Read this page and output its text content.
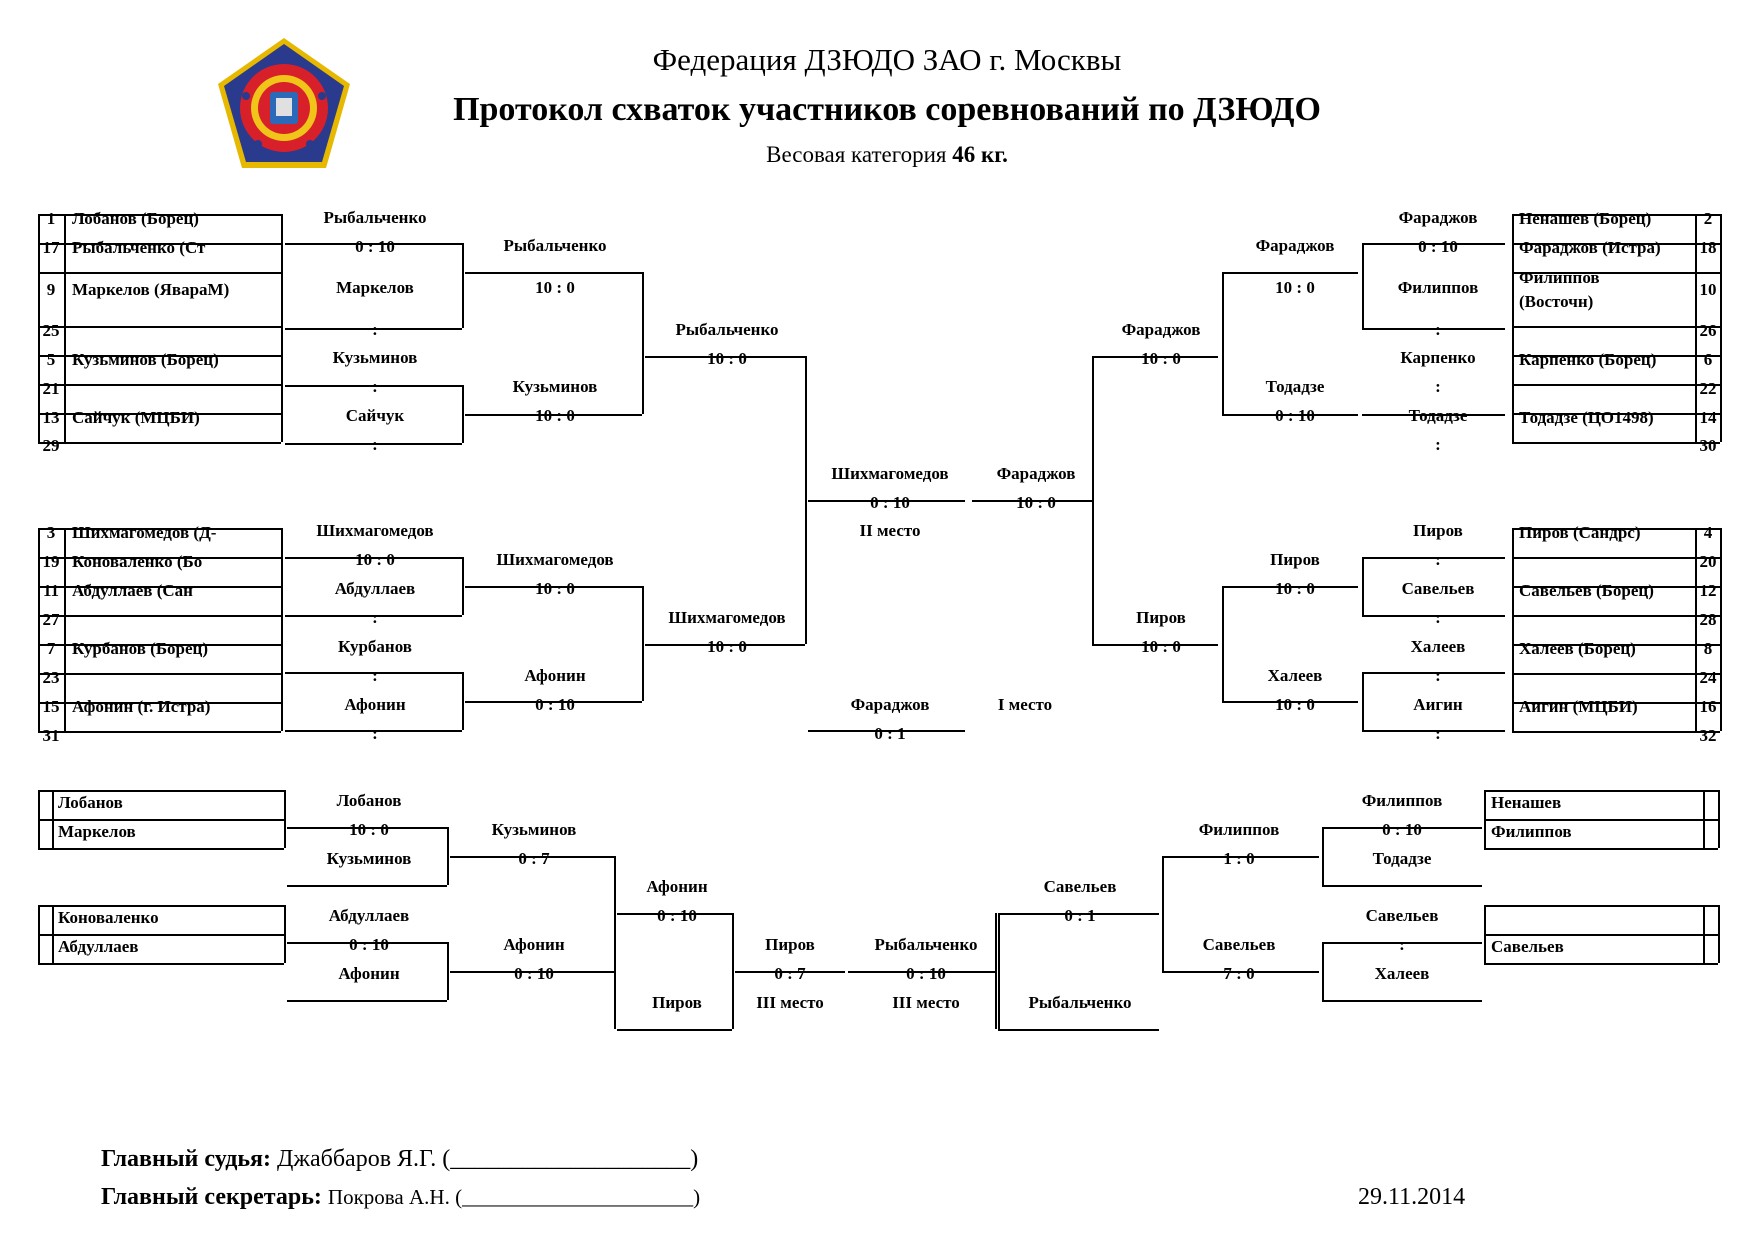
Федерация ДЗЮДО ЗАО г. Москвы
Протокол схваток участников соревнований по ДЗЮДО
Весовая категория 46 кг.
1 Лобанов (Борец)
17 Рыбальченко (Ст
9 Маркелов (ЯвараМ)
25
5 Кузьминов (Борец)
21
13 Сайчук (МЦБИ)
29
3 Шихмагомедов (Д-
19 Коноваленко (Бо
11 Абдуллаев (Сан
27
7 Курбанов (Борец)
23
15 Афонин (г. Истра)
31
Рыбальченко
0 : 10
Маркелов
:
Кузьминов
:
Сайчук
:
Рыбальченко
10 : 0
Кузьминов
10 : 0
Рыбальченко
10 : 0
Шихмагомедов
10 : 0
Абдуллаев
:
Курбанов
:
Афонин
:
Шихмагомедов
10 : 0
Афонин
0 : 10
Шихмагомедов
10 : 0
Шихмагомедов
0 : 10
II место
Фараджов
10 : 0
Фараджов
0 : 1
I место
Ненашев (Борец)	2
Фараджов (Истра) 18
Филиппов
(Восточн)
10
26
Карпенко (Борец)	6
22
Тодадзе (ЦО1498)	14
30
Пиров (Сандрс)	4
20
Савельев (Борец)	12
28
Халеев (Борец)	8
24
Аигин (МЦБИ)	16
32
Фараджов
0 : 10
Филиппов
:
Карпенко
:
Тодадзе
:
Фараджов
10 : 0
Тодадзе
0 : 10
Фараджов
10 : 0
Пиров
:
Савельев
:
Халеев
:
Аигин
:
Пиров
10 : 0
Халеев
10 : 0
Пиров
10 : 0
Лобанов
Маркелов
Коноваленко
Абдуллаев
Лобанов
10 : 0
Кузьминов
Абдуллаев
0 : 10
Афонин
Кузьминов
0 : 7
Афонин
0 : 10
Афонин
0 : 10
Пиров
Пиров
0 : 7
III место
Рыбальченко
0 : 10
III место
Савельев
0 : 1
Рыбальченко
Филиппов
1 : 0
Савельев
7 : 0
Филиппов
0 : 10
Тодадзе
Савельев
:
Халеев
Ненашев
Филиппов
Савельев
Главный судья: Джаббаров Я.Г. (____________________)
Главный секретарь: Покрова А.Н. (______________________)	29.11.2014
